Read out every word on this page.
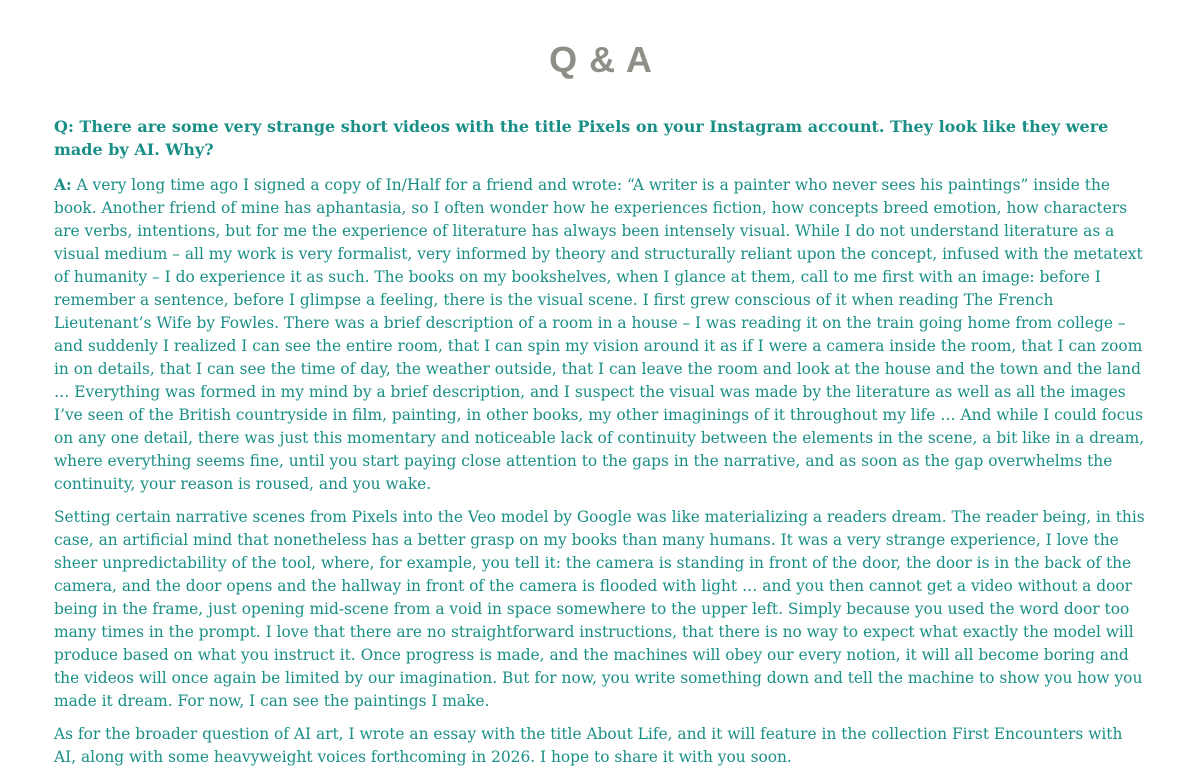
Q & A

Q: There are some very strange short videos with the title Pixels on your Instagram account. They look like they were made by AI. Why?

A: A very long time ago I signed a copy of In/Half for a friend and wrote: “A writer is a painter who never sees his paintings” inside the book. Another friend of mine has aphantasia, so I often wonder how he experiences fiction, how concepts breed emotion, how characters are verbs, intentions, but for me the experience of literature has always been intensely visual. While I do not understand literature as a visual medium – all my work is very formalist, very informed by theory and structurally reliant upon the concept, infused with the metatext of humanity – I do experience it as such. The books on my bookshelves, when I glance at them, call to me first with an image: before I remember a sentence, before I glimpse a feeling, there is the visual scene. I first grew conscious of it when reading The French Lieutenant’s Wife by Fowles. There was a brief description of a room in a house – I was reading it on the train going home from college – and suddenly I realized I can see the entire room, that I can spin my vision around it as if I were a camera inside the room, that I can zoom in on details, that I can see the time of day, the weather outside, that I can leave the room and look at the house and the town and the land … Everything was formed in my mind by a brief description, and I suspect the visual was made by the literature as well as all the images I’ve seen of the British countryside in film, painting, in other books, my other imaginings of it throughout my life … And while I could focus on any one detail, there was just this momentary and noticeable lack of continuity between the elements in the scene, a bit like in a dream, where everything seems fine, until you start paying close attention to the gaps in the narrative, and as soon as the gap overwhelms the continuity, your reason is roused, and you wake.

Setting certain narrative scenes from Pixels into the Veo model by Google was like materializing a readers dream. The reader being, in this case, an artificial mind that nonetheless has a better grasp on my books than many humans. It was a very strange experience, I love the sheer unpredictability of the tool, where, for example, you tell it: the camera is standing in front of the door, the door is in the back of the camera, and the door opens and the hallway in front of the camera is flooded with light … and you then cannot get a video without a door being in the frame, just opening mid-scene from a void in space somewhere to the upper left. Simply because you used the word door too many times in the prompt. I love that there are no straightforward instructions, that there is no way to expect what exactly the model will produce based on what you instruct it. Once progress is made, and the machines will obey our every notion, it will all become boring and the videos will once again be limited by our imagination. But for now, you write something down and tell the machine to show you how you made it dream. For now, I can see the paintings I make.

As for the broader question of AI art, I wrote an essay with the title About Life, and it will feature in the collection First Encounters with AI, along with some heavyweight voices forthcoming in 2026. I hope to share it with you soon.
